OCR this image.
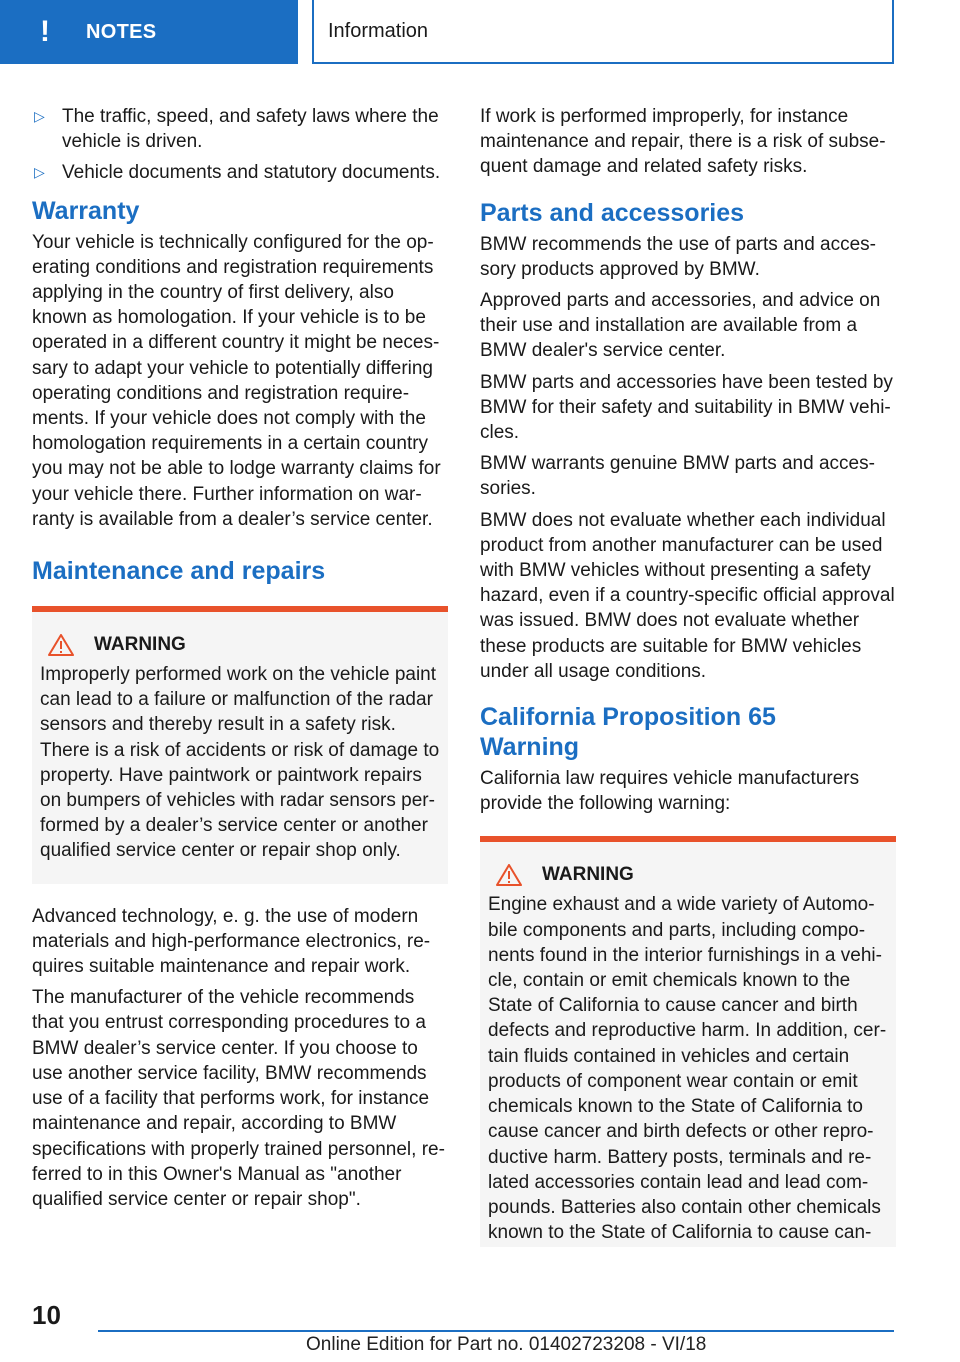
!	NOTES	Information
▷ The traffic, speed, and safety laws where the vehicle is driven.
▷ Vehicle documents and statutory documents.
Warranty

Your vehicle is technically configured for the operating conditions and registration requirements applying in the country of first delivery, also known as homologation. If your vehicle is to be operated in a different country it might be necessary to adapt your vehicle to potentially differing operating conditions and registration requirements. If your vehicle does not comply with the homologation requirements in a certain country you may not be able to lodge warranty claims for your vehicle there. Further information on warranty is available from a dealer’s service center.

Maintenance and repairs
WARNING

Improperly performed work on the vehicle paint can lead to a failure or malfunction of the radar sensors and thereby result in a safety risk. There is a risk of accidents or risk of damage to property. Have paintwork or paintwork repairs on bumpers of vehicles with radar sensors performed by a dealer’s service center or another qualified service center or repair shop only.

Advanced technology, e. g. the use of modern materials and high-performance electronics, requires suitable maintenance and repair work.

The manufacturer of the vehicle recommends that you entrust corresponding procedures to a BMW dealer’s service center. If you choose to use another service facility, BMW recommends use of a facility that performs work, for instance maintenance and repair, according to BMW specifications with properly trained personnel, referred to in this Owner's Manual as "another qualified service center or repair shop".

If work is performed improperly, for instance maintenance and repair, there is a risk of subsequent damage and related safety risks.

Parts and accessories

BMW recommends the use of parts and accessory products approved by BMW.

Approved parts and accessories, and advice on their use and installation are available from a BMW dealer's service center.

BMW parts and accessories have been tested by BMW for their safety and suitability in BMW vehicles.

BMW warrants genuine BMW parts and accessories.

BMW does not evaluate whether each individual product from another manufacturer can be used with BMW vehicles without presenting a safety hazard, even if a country-specific official approval was issued. BMW does not evaluate whether these products are suitable for BMW vehicles under all usage conditions.

California Proposition 65 Warning

California law requires vehicle manufacturers provide the following warning:

WARNING

Engine exhaust and a wide variety of Automobile components and parts, including components found in the interior furnishings in a vehicle, contain or emit chemicals known to the State of California to cause cancer and birth defects and reproductive harm. In addition, certain fluids contained in vehicles and certain products of component wear contain or emit chemicals known to the State of California to cause cancer and birth defects or other reproductive harm. Battery posts, terminals and related accessories contain lead and lead compounds. Batteries also contain other chemicals known to the State of California to cause can-

10
Online Edition for Part no. 01402723208 - VI/18
